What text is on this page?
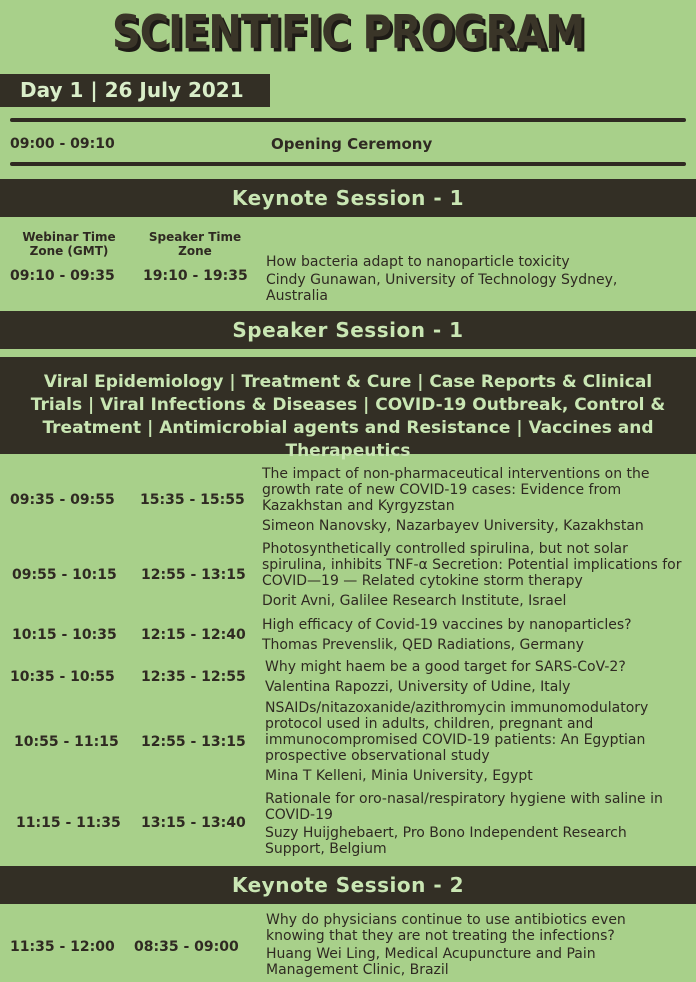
SCIENTIFIC PROGRAM
Day 1 | 26 July 2021
09:00 - 09:10	Opening Ceremony
Keynote Session - 1
Webinar Time Zone (GMT)
Speaker Time Zone
09:10 - 09:35 19:10 - 19:35
How bacteria adapt to nanoparticle toxicity
Cindy Gunawan, University of Technology Sydney, Australia
Speaker Session - 1
Viral Epidemiology | Treatment & Cure | Case Reports & Clinical Trials | Viral Infections & Diseases | COVID-19 Outbreak, Control & Treatment | Antimicrobial agents and Resistance | Vaccines and Therapeutics
09:35 - 09:55 15:35 - 15:55
The impact of non-pharmaceutical interventions on the growth rate of new COVID-19 cases: Evidence from Kazakhstan and Kyrgyzstan
Simeon Nanovsky, Nazarbayev University, Kazakhstan
09:55 - 10:15 12:55 - 13:15
Photosynthetically controlled spirulina, but not solar spirulina, inhibits TNF-α Secretion: Potential implications for COVID—19 — Related cytokine storm therapy
Dorit Avni, Galilee Research Institute, Israel
10:15 - 10:35 12:15 - 12:40
High efficacy of Covid-19 vaccines by nanoparticles?
Thomas Prevenslik, QED Radiations, Germany
10:35 - 10:55 12:35 - 12:55
Why might haem be a good target for SARS-CoV-2?
Valentina Rapozzi, University of Udine, Italy
10:55 - 11:15 12:55 - 13:15
NSAIDs/nitazoxanide/azithromycin immunomodulatory protocol used in adults, children, pregnant and immunocompromised COVID-19 patients: An Egyptian prospective observational study
Mina T Kelleni, Minia University, Egypt
11:15 - 11:35 13:15 - 13:40
Rationale for oro-nasal/respiratory hygiene with saline in COVID-19
Suzy Huijghebaert, Pro Bono Independent Research Support, Belgium
Keynote Session - 2
11:35 - 12:00 08:35 - 09:00
Why do physicians continue to use antibiotics even knowing that they are not treating the infections?
Huang Wei Ling, Medical Acupuncture and Pain Management Clinic, Brazil
